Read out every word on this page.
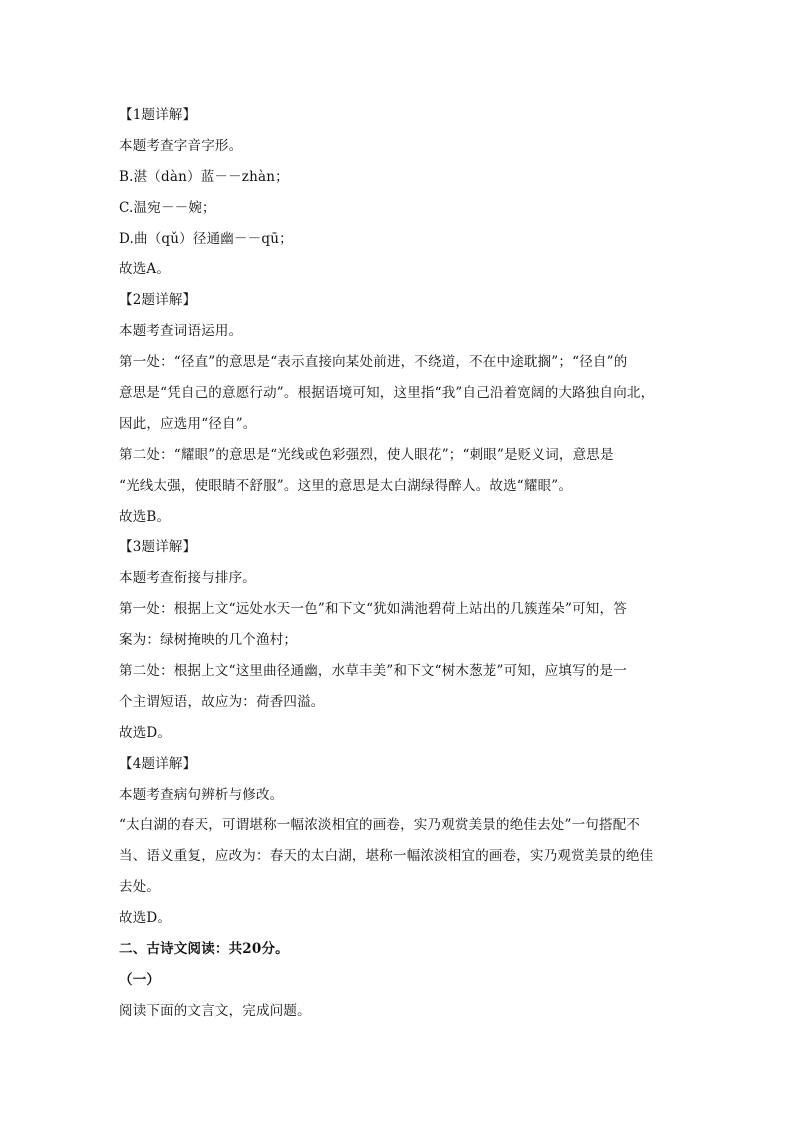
【1题详解】
本题考查字音字形。
B.湛（dàn）蓝－－zhàn；
C.温宛－－婉；
D.曲（qǔ）径通幽－－qū；
故选A。
【2题详解】
本题考查词语运用。
第一处：“径直”的意思是“表示直接向某处前进，不绕道，不在中途耽搁”；“径自”的
意思是“凭自己的意愿行动”。根据语境可知，这里指“我”自己沿着宽阔的大路独自向北，
因此，应选用“径自”。
第二处：“耀眼”的意思是“光线或色彩强烈，使人眼花”；“刺眼”是贬义词，意思是
“光线太强，使眼睛不舒服”。这里的意思是太白湖绿得醉人。故选“耀眼”。
故选B。
【3题详解】
本题考查衔接与排序。
第一处：根据上文“远处水天一色”和下文“犹如满池碧荷上站出的几簇莲朵”可知，答
案为：绿树掩映的几个渔村；
第二处：根据上文“这里曲径通幽，水草丰美”和下文“树木葱茏”可知，应填写的是一
个主谓短语，故应为：荷香四溢。
故选D。
【4题详解】
本题考查病句辨析与修改。
“太白湖的春天，可谓堪称一幅浓淡相宜的画卷，实乃观赏美景的绝佳去处”一句搭配不
当、语义重复，应改为：春天的太白湖，堪称一幅浓淡相宜的画卷，实乃观赏美景的绝佳
去处。
故选D。
二、古诗文阅读：共20分。
（一）
阅读下面的文言文，完成问题。
